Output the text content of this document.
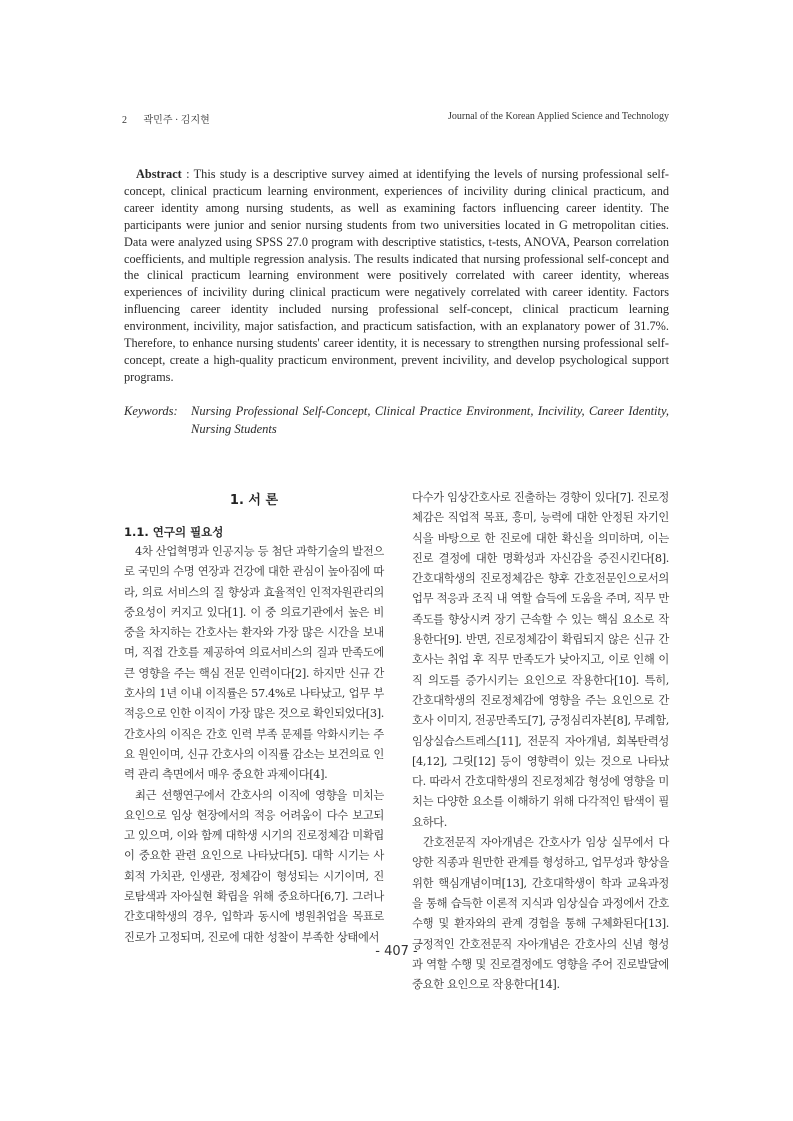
2 곽민주 · 김지현	Journal of the Korean Applied Science and Technology
Abstract : This study is a descriptive survey aimed at identifying the levels of nursing professional self-concept, clinical practicum learning environment, experiences of incivility during clinical practicum, and career identity among nursing students, as well as examining factors influencing career identity. The participants were junior and senior nursing students from two universities located in G metropolitan cities. Data were analyzed using SPSS 27.0 program with descriptive statistics, t-tests, ANOVA, Pearson correlation coefficients, and multiple regression analysis. The results indicated that nursing professional self-concept and the clinical practicum learning environment were positively correlated with career identity, whereas experiences of incivility during clinical practicum were negatively correlated with career identity. Factors influencing career identity included nursing professional self-concept, clinical practicum learning environment, incivility, major satisfaction, and practicum satisfaction, with an explanatory power of 31.7%. Therefore, to enhance nursing students' career identity, it is necessary to strengthen nursing professional self-concept, create a high-quality practicum environment, prevent incivility, and develop psychological support programs.
Keywords: Nursing Professional Self-Concept, Clinical Practice Environment, Incivility, Career Identity, Nursing Students
1. 서 론
1.1. 연구의 필요성

4차 산업혁명과 인공지능 등 첨단 과학기술의 발전으로 국민의 수명 연장과 건강에 대한 관심이 높아짐에 따라, 의료 서비스의 질 향상과 효율적인 인적자원관리의 중요성이 커지고 있다[1]. 이 중 의료기관에서 높은 비중을 차지하는 간호사는 환자와 가장 많은 시간을 보내며, 직접 간호를 제공하여 의료서비스의 질과 만족도에 큰 영향을 주는 핵심 전문 인력이다[2]. 하지만 신규 간호사의 1년 이내 이직률은 57.4%로 나타났고, 업무 부적응으로 인한 이직이 가장 많은 것으로 확인되었다[3]. 간호사의 이직은 간호 인력 부족 문제를 악화시키는 주요 원인이며, 신규 간호사의 이직률 감소는 보건의료 인력 관리 측면에서 매우 중요한 과제이다[4].

최근 선행연구에서 간호사의 이직에 영향을 미치는 요인으로 임상 현장에서의 적응 어려움이 다수 보고되고 있으며, 이와 함께 대학생 시기의 진로정체감 미확립이 중요한 관련 요인으로 나타났다[5]. 대학 시기는 사회적 가치관, 인생관, 정체감이 형성되는 시기이며, 진로탐색과 자아실현 확립을 위해 중요하다[6,7]. 그러나 간호대학생의 경우, 입학과 동시에 병원취업을 목표로 진로가 고정되며, 진로에 대한 성찰이 부족한 상태에서

다수가 임상간호사로 진출하는 경향이 있다[7]. 진로정체감은 직업적 목표, 흥미, 능력에 대한 안정된 자기인식을 바탕으로 한 진로에 대한 확신을 의미하며, 이는 진로 결정에 대한 명확성과 자신감을 증진시킨다[8]. 간호대학생의 진로정체감은 향후 간호전문인으로서의 업무 적응과 조직 내 역할 습득에 도움을 주며, 직무 만족도를 향상시켜 장기 근속할 수 있는 핵심 요소로 작용한다[9]. 반면, 진로정체감이 확립되지 않은 신규 간호사는 취업 후 직무 만족도가 낮아지고, 이로 인해 이직 의도를 증가시키는 요인으로 작용한다[10]. 특히, 간호대학생의 진로정체감에 영향을 주는 요인으로 간호사 이미지, 전공만족도[7], 긍정심리자본[8], 무례함, 임상실습스트레스[11], 전문직 자아개념, 회복탄력성[4,12], 그릿[12] 등이 영향력이 있는 것으로 나타났다. 따라서 간호대학생의 진로정체감 형성에 영향을 미치는 다양한 요소를 이해하기 위해 다각적인 탐색이 필요하다.

간호전문직 자아개념은 간호사가 임상 실무에서 다양한 직종과 원만한 관계를 형성하고, 업무성과 향상을 위한 핵심개념이며[13], 간호대학생이 학과 교육과정을 통해 습득한 이론적 지식과 임상실습 과정에서 간호수행 및 환자와의 관계 경험을 통해 구체화된다[13]. 긍정적인 간호전문직 자아개념은 간호사의 신념 형성과 역할 수행 및 진로결정에도 영향을 주어 진로발달에 중요한 요인으로 작용한다[14].

- 407 -
